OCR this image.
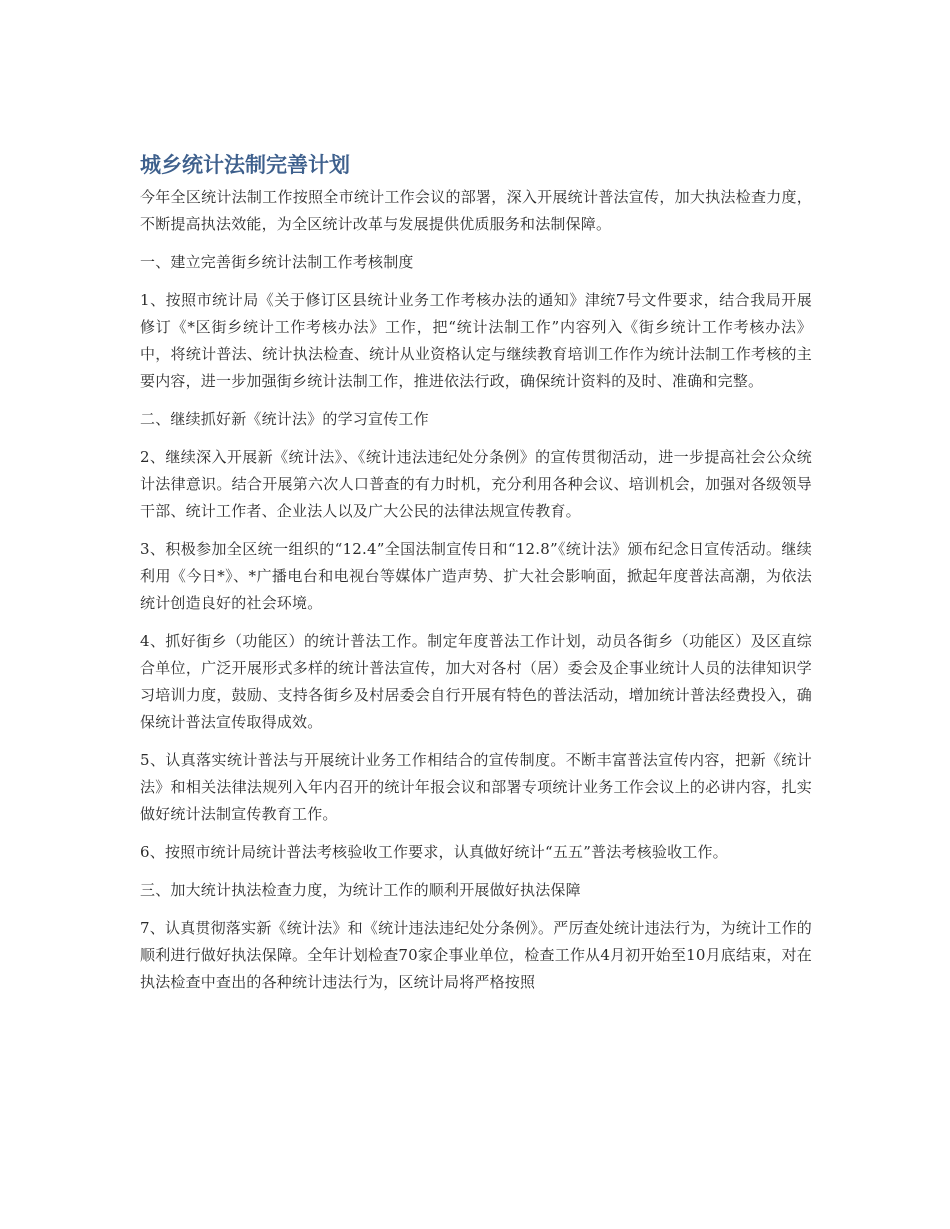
城乡统计法制完善计划

今年全区统计法制工作按照全市统计工作会议的部署，深入开展统计普法宣传，加大执法检查力度，不断提高执法效能，为全区统计改革与发展提供优质服务和法制保障。

一、建立完善街乡统计法制工作考核制度

1、按照市统计局《关于修订区县统计业务工作考核办法的通知》津统7号文件要求，结合我局开展修订《*区街乡统计工作考核办法》工作，把“统计法制工作”内容列入《街乡统计工作考核办法》中，将统计普法、统计执法检查、统计从业资格认定与继续教育培训工作作为统计法制工作考核的主要内容，进一步加强街乡统计法制工作，推进依法行政，确保统计资料的及时、准确和完整。

二、继续抓好新《统计法》的学习宣传工作

2、继续深入开展新《统计法》、《统计违法违纪处分条例》的宣传贯彻活动，进一步提高社会公众统计法律意识。结合开展第六次人口普查的有力时机，充分利用各种会议、培训机会，加强对各级领导干部、统计工作者、企业法人以及广大公民的法律法规宣传教育。

3、积极参加全区统一组织的“12.4”全国法制宣传日和“12.8”《统计法》颁布纪念日宣传活动。继续利用《今日*》、*广播电台和电视台等媒体广造声势、扩大社会影响面，掀起年度普法高潮，为依法统计创造良好的社会环境。

4、抓好街乡（功能区）的统计普法工作。制定年度普法工作计划，动员各街乡（功能区）及区直综合单位，广泛开展形式多样的统计普法宣传，加大对各村（居）委会及企事业统计人员的法律知识学习培训力度，鼓励、支持各街乡及村居委会自行开展有特色的普法活动，增加统计普法经费投入，确保统计普法宣传取得成效。

5、认真落实统计普法与开展统计业务工作相结合的宣传制度。不断丰富普法宣传内容，把新《统计法》和相关法律法规列入年内召开的统计年报会议和部署专项统计业务工作会议上的必讲内容，扎实做好统计法制宣传教育工作。

6、按照市统计局统计普法考核验收工作要求，认真做好统计“五五”普法考核验收工作。

三、加大统计执法检查力度，为统计工作的顺利开展做好执法保障

7、认真贯彻落实新《统计法》和《统计违法违纪处分条例》。严厉查处统计违法行为，为统计工作的顺利进行做好执法保障。全年计划检查70家企事业单位，检查工作从4月初开始至10月底结束，对在执法检查中查出的各种统计违法行为，区统计局将严格按照
